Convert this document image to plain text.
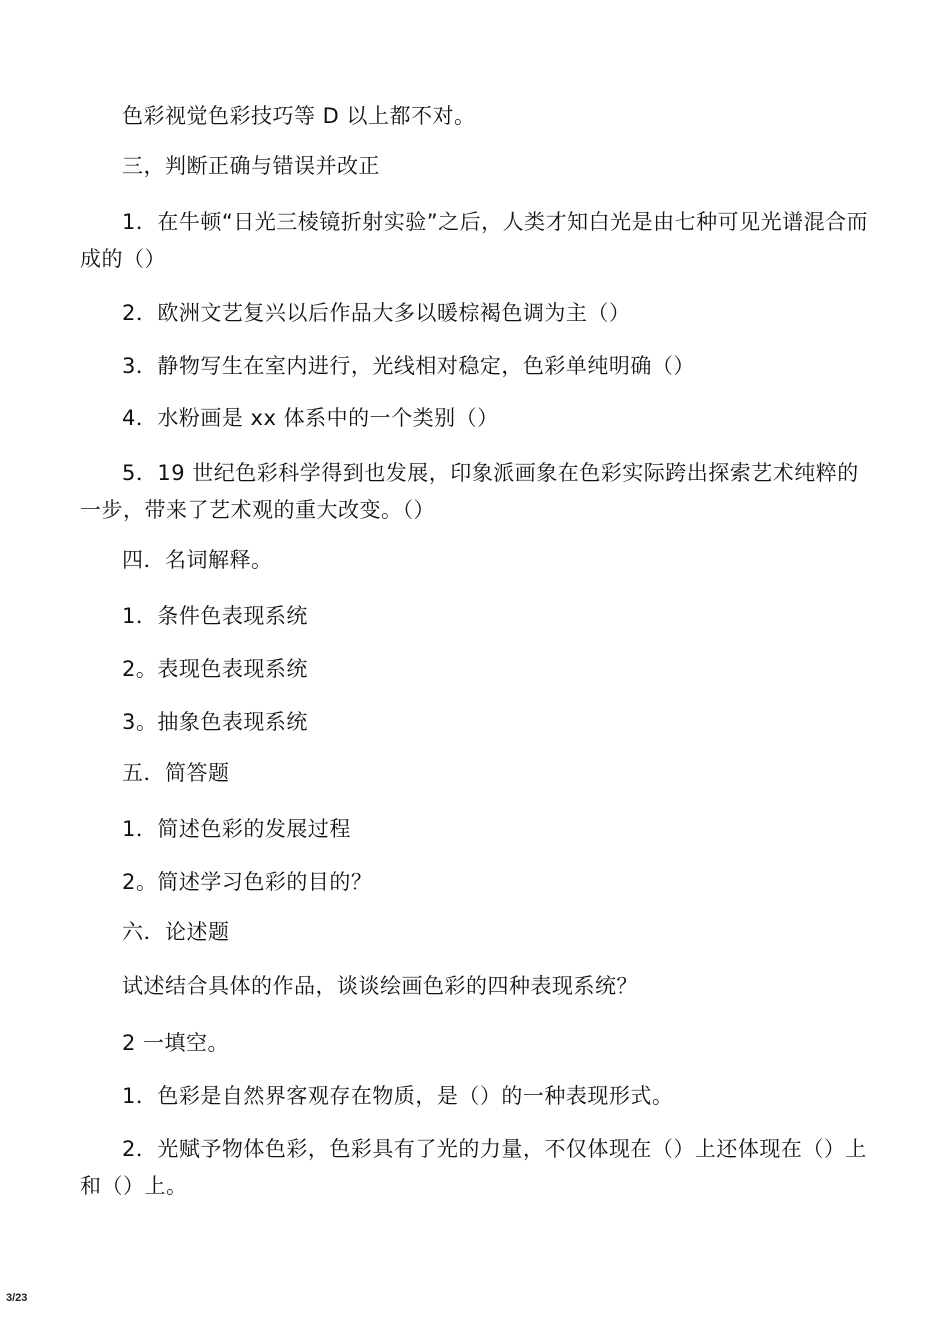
色彩视觉色彩技巧等 D 以上都不对。

三，判断正确与错误并改正

1．在牛顿“日光三棱镜折射实验”之后，人类才知白光是由七种可见光谱混合而成的（）

2．欧洲文艺复兴以后作品大多以暖棕褐色调为主（）

3．静物写生在室内进行，光线相对稳定，色彩单纯明确（）

4．水粉画是 xx 体系中的一个类别（）

5．19 世纪色彩科学得到也发展，印象派画象在色彩实际跨出探索艺术纯粹的一步，带来了艺术观的重大改变。（）

四．名词解释。

1．条件色表现系统

2。表现色表现系统

3。抽象色表现系统

五．简答题

1．简述色彩的发展过程

2。简述学习色彩的目的？

六．论述题

试述结合具体的作品，谈谈绘画色彩的四种表现系统？

2 一填空。

1．色彩是自然界客观存在物质，是（）的一种表现形式。

2．光赋予物体色彩，色彩具有了光的力量，不仅体现在（）上还体现在（）上和（）上。

3/23
